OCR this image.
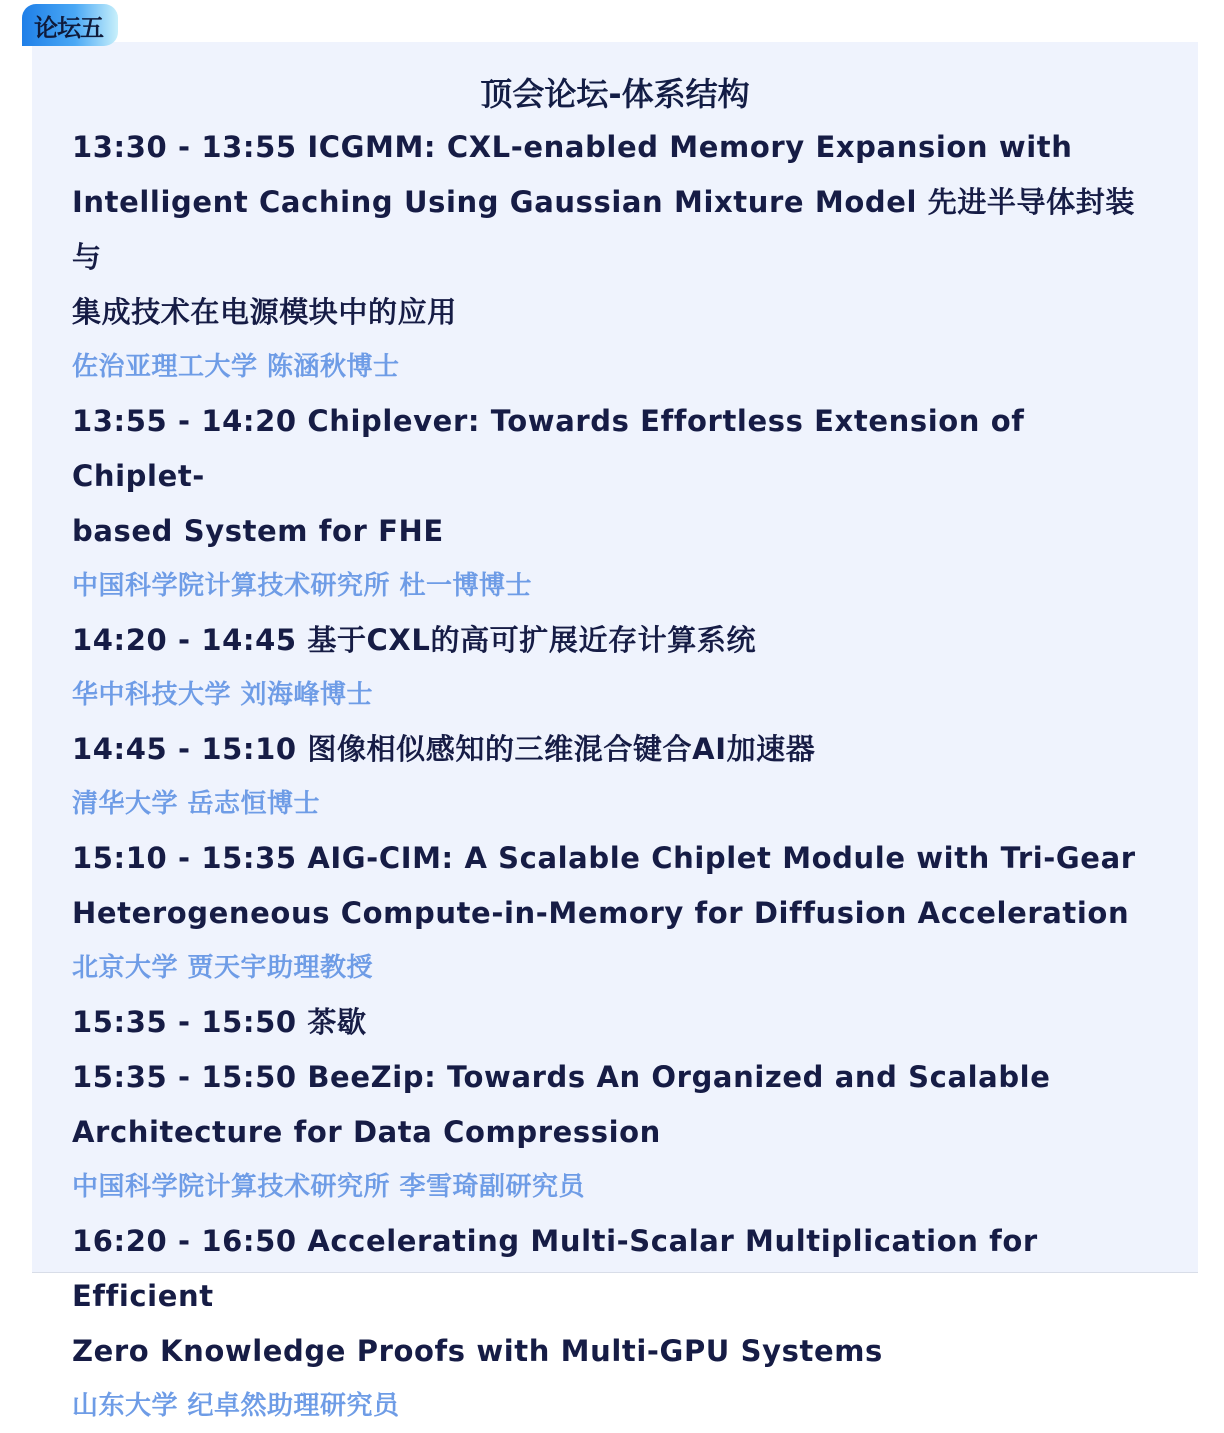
论坛五
顶会论坛-体系结构

13:30 - 13:55 ICGMM: CXL-enabled Memory Expansion with
Intelligent Caching Using Gaussian Mixture Model 先进半导体封装与
集成技术在电源模块中的应用

佐治亚理工大学 陈涵秋博士

13:55 - 14:20 Chiplever: Towards Effortless Extension of Chiplet-
based System for FHE

中国科学院计算技术研究所 杜一博博士

14:20 - 14:45 基于CXL的高可扩展近存计算系统

华中科技大学 刘海峰博士

14:45 - 15:10 图像相似感知的三维混合键合AI加速器

清华大学 岳志恒博士

15:10 - 15:35 AIG-CIM: A Scalable Chiplet Module with Tri-Gear
Heterogeneous Compute-in-Memory for Diffusion Acceleration

北京大学 贾天宇助理教授

15:35 - 15:50 茶歇

15:35 - 15:50 BeeZip: Towards An Organized and Scalable
Architecture for Data Compression

中国科学院计算技术研究所 李雪琦副研究员

16:20 - 16:50 Accelerating Multi-Scalar Multiplication for Efficient
Zero Knowledge Proofs with Multi-GPU Systems

山东大学 纪卓然助理研究员
